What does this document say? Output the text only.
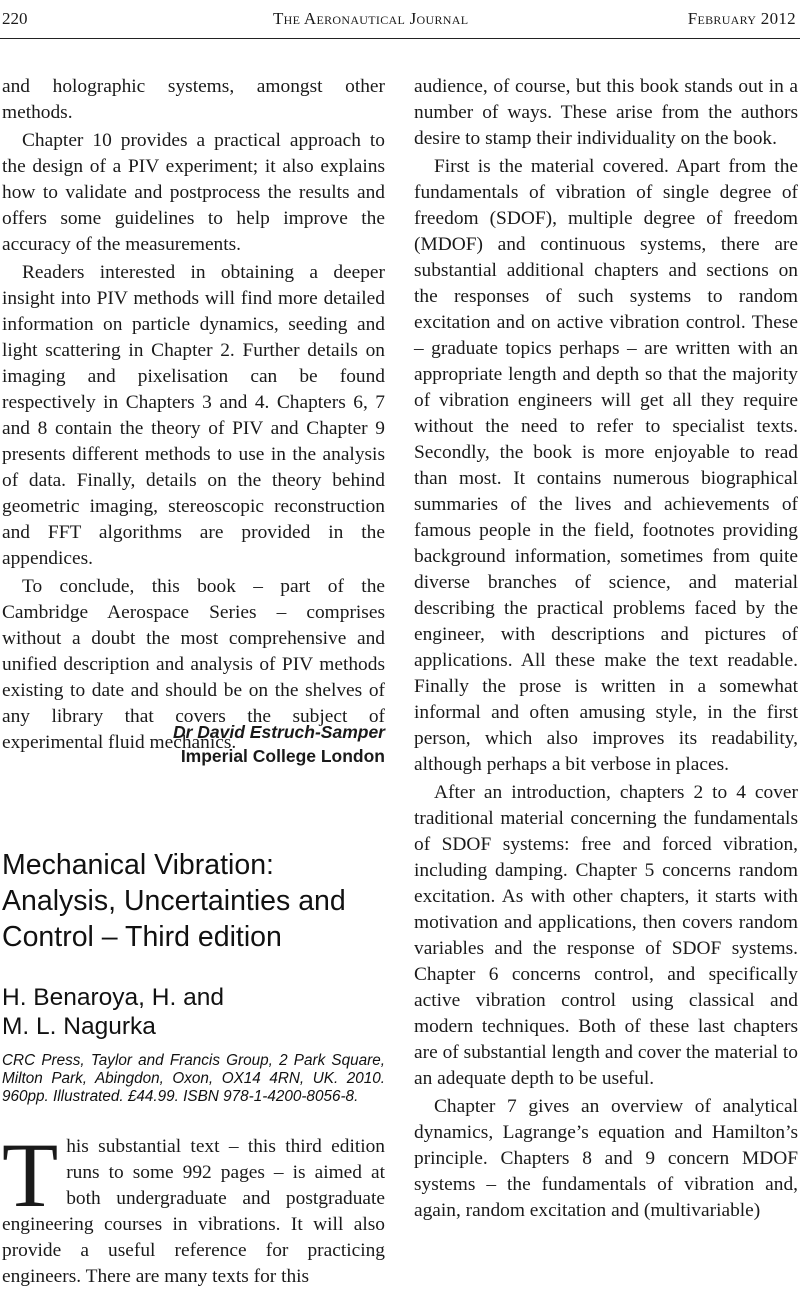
220	The Aeronautical Journal	February 2012

and holographic systems, amongst other methods.

Chapter 10 provides a practical approach to the design of a PIV experiment; it also explains how to validate and postprocess the results and offers some guidelines to help improve the accuracy of the measurements.

Readers interested in obtaining a deeper insight into PIV methods will find more detailed information on particle dynamics, seeding and light scattering in Chapter 2. Further details on imaging and pixelisation can be found respectively in Chapters 3 and 4. Chapters 6, 7 and 8 contain the theory of PIV and Chapter 9 presents different methods to use in the analysis of data. Finally, details on the theory behind geometric imaging, stereoscopic reconstruction and FFT algorithms are provided in the appendices.

To conclude, this book – part of the Cambridge Aerospace Series – comprises without a doubt the most comprehensive and unified description and analysis of PIV methods existing to date and should be on the shelves of any library that covers the subject of experimental fluid mechanics.

Dr David Estruch-Samper
Imperial College London
Mechanical Vibration: Analysis, Uncertainties and Control – Third edition
H. Benaroya, H. and
M. L. Nagurka
CRC Press, Taylor and Francis Group, 2 Park Square, Milton Park, Abingdon, Oxon, OX14 4RN, UK. 2010. 960pp. Illustrated. £44.99. ISBN 978-1-4200-8056-8.
This substantial text – this third edition runs to some 992 pages – is aimed at both undergraduate and postgraduate engineering courses in vibrations. It will also provide a useful reference for practicing engineers. There are many texts for this

audience, of course, but this book stands out in a number of ways. These arise from the authors desire to stamp their individuality on the book.

First is the material covered. Apart from the fundamentals of vibration of single degree of freedom (SDOF), multiple degree of freedom (MDOF) and continuous systems, there are substantial additional chapters and sections on the responses of such systems to random excitation and on active vibration control. These – graduate topics perhaps – are written with an appropriate length and depth so that the majority of vibration engineers will get all they require without the need to refer to specialist texts. Secondly, the book is more enjoyable to read than most. It contains numerous biographical summaries of the lives and achievements of famous people in the field, footnotes providing background information, sometimes from quite diverse branches of science, and material describing the practical problems faced by the engineer, with descriptions and pictures of applications. All these make the text readable. Finally the prose is written in a somewhat informal and often amusing style, in the first person, which also improves its readability, although perhaps a bit verbose in places.

After an introduction, chapters 2 to 4 cover traditional material concerning the fundamentals of SDOF systems: free and forced vibration, including damping. Chapter 5 concerns random excitation. As with other chapters, it starts with motivation and applications, then covers random variables and the response of SDOF systems. Chapter 6 concerns control, and specifically active vibration control using classical and modern techniques. Both of these last chapters are of substantial length and cover the material to an adequate depth to be useful.

Chapter 7 gives an overview of analytical dynamics, Lagrange’s equation and Hamilton’s principle. Chapters 8 and 9 concern MDOF systems – the fundamentals of vibration and, again, random excitation and (multivariable)
